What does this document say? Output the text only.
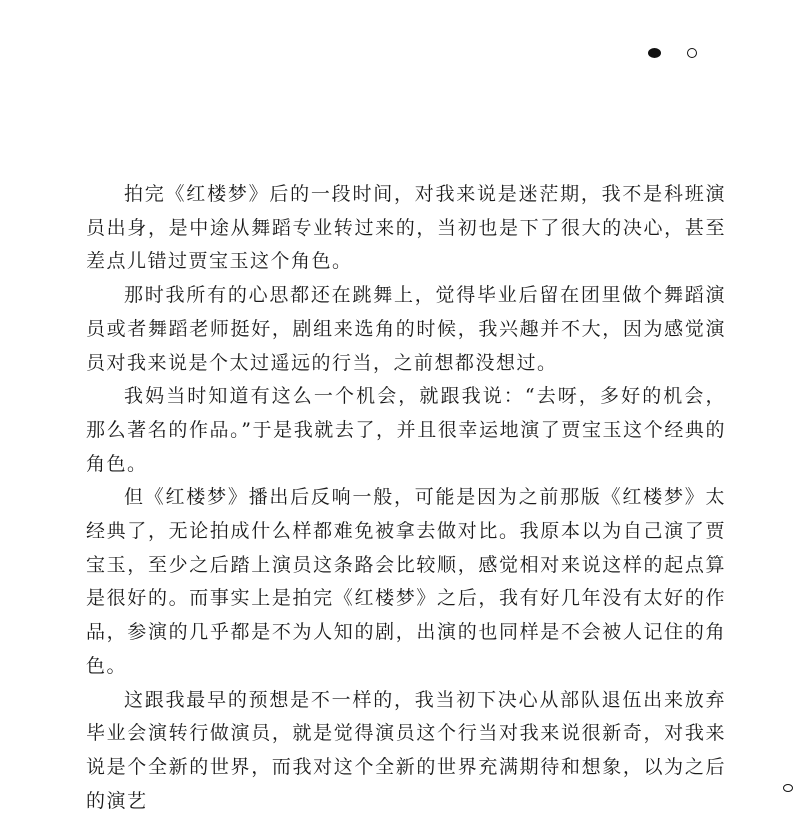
拍完《红楼梦》后的一段时间，对我来说是迷茫期，我不是科班演员出身，是中途从舞蹈专业转过来的，当初也是下了很大的决心，甚至差点儿错过贾宝玉这个角色。

那时我所有的心思都还在跳舞上，觉得毕业后留在团里做个舞蹈演员或者舞蹈老师挺好，剧组来选角的时候，我兴趣并不大，因为感觉演员对我来说是个太过遥远的行当，之前想都没想过。

我妈当时知道有这么一个机会，就跟我说：“去呀，多好的机会，那么著名的作品。”于是我就去了，并且很幸运地演了贾宝玉这个经典的角色。

但《红楼梦》播出后反响一般，可能是因为之前那版《红楼梦》太经典了，无论拍成什么样都难免被拿去做对比。我原本以为自己演了贾宝玉，至少之后踏上演员这条路会比较顺，感觉相对来说这样的起点算是很好的。而事实上是拍完《红楼梦》之后，我有好几年没有太好的作品，参演的几乎都是不为人知的剧，出演的也同样是不会被人记住的角色。

这跟我最早的预想是不一样的，我当初下决心从部队退伍出来放弃毕业会演转行做演员，就是觉得演员这个行当对我来说很新奇，对我来说是个全新的世界，而我对这个全新的世界充满期待和想象，以为之后的演艺
